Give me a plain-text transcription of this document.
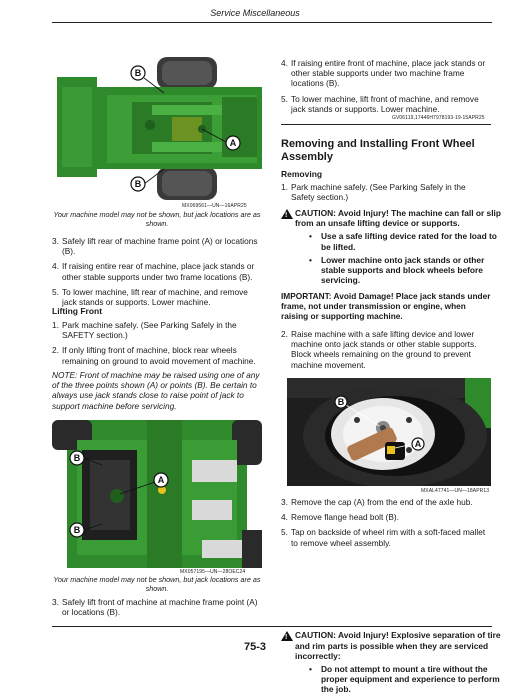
Service Miscellaneous
B
A
B
MX069561—UN—16APR25
Your machine model may not be shown, but jack locations are as shown.
3. Safely lift rear of machine frame point (A) or locations (B).
4. If raising entire rear of machine, place jack stands or other stable supports under two frame locations (B).
5. To lower machine, lift rear of machine, and remove jack stands or supports. Lower machine.
Lifting Front
1. Park machine safely. (See Parking Safely in the SAFETY section.)
2. If only lifting front of machine, block rear wheels remaining on ground to avoid movement of machine.
NOTE: Front of machine may be raised using one of any of the three points shown (A) or points (B). Be certain to always use jack stands close to raise point of jack to support machine before servicing.
B
A
B
MX057195—UN—28OEC24
Your machine model may not be shown, but jack locations are as shown.
3. Safely lift front of machine at machine frame point (A) or locations (B).
4. If raising entire front of machine, place jack stands or other stable supports under two machine frame locations (B).
5. To lower machine, lift front of machine, and remove jack stands or supports. Lower machine.
GV06119,17446H7978193-19-15APR25
Removing and Installing Front Wheel Assembly
Removing
1. Park machine safely. (See Parking Safely in the Safety section.)
! CAUTION: Avoid Injury! The machine can fall or slip from an unsafe lifting device or supports.
• Use a safe lifting device rated for the load to be lifted.
• Lower machine onto jack stands or other stable supports and block wheels before servicing.
IMPORTANT: Avoid Damage! Place jack stands under frame, not under transmission or engine, when raising or supporting machine.
2. Raise machine with a safe lifting device and lower machine onto jack stands or other stable supports. Block wheels remaining on the ground to prevent machine movement.
B
A
MXAL47741—UN—18APR13
3. Remove the cap (A) from the end of the axle hub.
4. Remove flange head bolt (B).
5. Tap on backside of wheel rim with a soft-faced mallet to remove wheel assembly.
! CAUTION: Avoid Injury! Explosive separation of tire and rim parts is possible when they are serviced incorrectly:
• Do not attempt to mount a tire without the proper equipment and experience to perform the job.
75-3
